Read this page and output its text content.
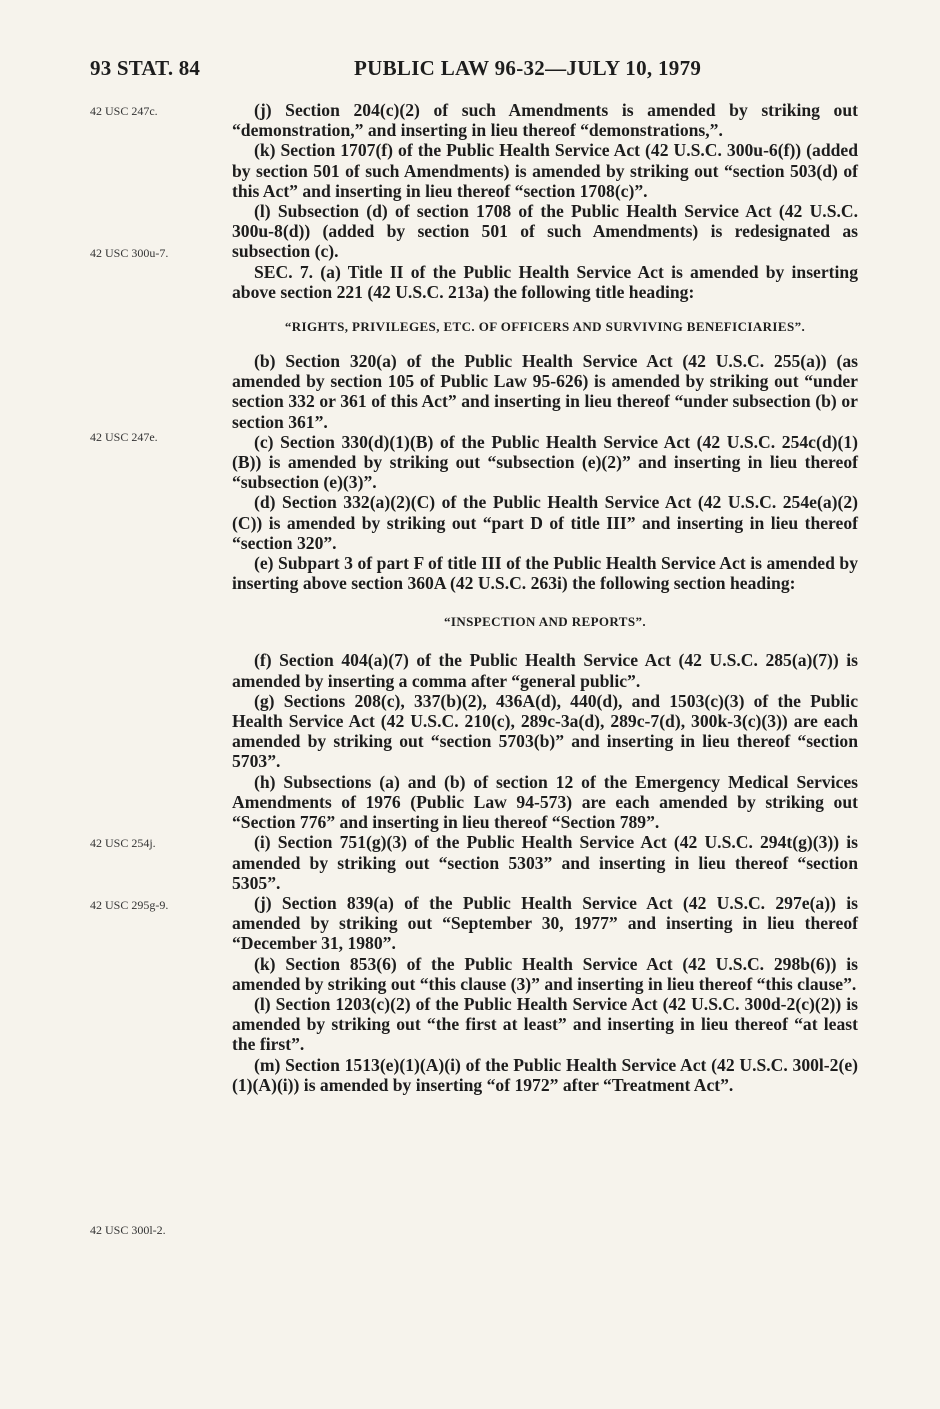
93 STAT. 84	PUBLIC LAW 96-32—JULY 10, 1979
42 USC 247c.
42 USC 300u-7.
42 USC 247e.
42 USC 254j.
42 USC 295g-9.
42 USC 300l-2.

(j) Section 204(c)(2) of such Amendments is amended by striking out “demonstration,” and inserting in lieu thereof “demonstrations,”.

(k) Section 1707(f) of the Public Health Service Act (42 U.S.C. 300u-6(f)) (added by section 501 of such Amendments) is amended by striking out “section 503(d) of this Act” and inserting in lieu thereof “section 1708(c)”.

(l) Subsection (d) of section 1708 of the Public Health Service Act (42 U.S.C. 300u-8(d)) (added by section 501 of such Amendments) is redesignated as subsection (c).

SEC. 7. (a) Title II of the Public Health Service Act is amended by inserting above section 221 (42 U.S.C. 213a) the following title heading:

“RIGHTS, PRIVILEGES, ETC. OF OFFICERS AND SURVIVING BENEFICIARIES”.

(b) Section 320(a) of the Public Health Service Act (42 U.S.C. 255(a)) (as amended by section 105 of Public Law 95-626) is amended by striking out “under section 332 or 361 of this Act” and inserting in lieu thereof “under subsection (b) or section 361”.

(c) Section 330(d)(1)(B) of the Public Health Service Act (42 U.S.C. 254c(d)(1)(B)) is amended by striking out “subsection (e)(2)” and inserting in lieu thereof “subsection (e)(3)”.

(d) Section 332(a)(2)(C) of the Public Health Service Act (42 U.S.C. 254e(a)(2)(C)) is amended by striking out “part D of title III” and inserting in lieu thereof “section 320”.

(e) Subpart 3 of part F of title III of the Public Health Service Act is amended by inserting above section 360A (42 U.S.C. 263i) the following section heading:

“INSPECTION AND REPORTS”.

(f) Section 404(a)(7) of the Public Health Service Act (42 U.S.C. 285(a)(7)) is amended by inserting a comma after “general public”.

(g) Sections 208(c), 337(b)(2), 436A(d), 440(d), and 1503(c)(3) of the Public Health Service Act (42 U.S.C. 210(c), 289c-3a(d), 289c-7(d), 300k-3(c)(3)) are each amended by striking out “section 5703(b)” and inserting in lieu thereof “section 5703”.

(h) Subsections (a) and (b) of section 12 of the Emergency Medical Services Amendments of 1976 (Public Law 94-573) are each amended by striking out “Section 776” and inserting in lieu thereof “Section 789”.

(i) Section 751(g)(3) of the Public Health Service Act (42 U.S.C. 294t(g)(3)) is amended by striking out “section 5303” and inserting in lieu thereof “section 5305”.

(j) Section 839(a) of the Public Health Service Act (42 U.S.C. 297e(a)) is amended by striking out “September 30, 1977” and inserting in lieu thereof “December 31, 1980”.

(k) Section 853(6) of the Public Health Service Act (42 U.S.C. 298b(6)) is amended by striking out “this clause (3)” and inserting in lieu thereof “this clause”.

(l) Section 1203(c)(2) of the Public Health Service Act (42 U.S.C. 300d-2(c)(2)) is amended by striking out “the first at least” and inserting in lieu thereof “at least the first”.

(m) Section 1513(e)(1)(A)(i) of the Public Health Service Act (42 U.S.C. 300l-2(e)(1)(A)(i)) is amended by inserting “of 1972” after “Treatment Act”.
